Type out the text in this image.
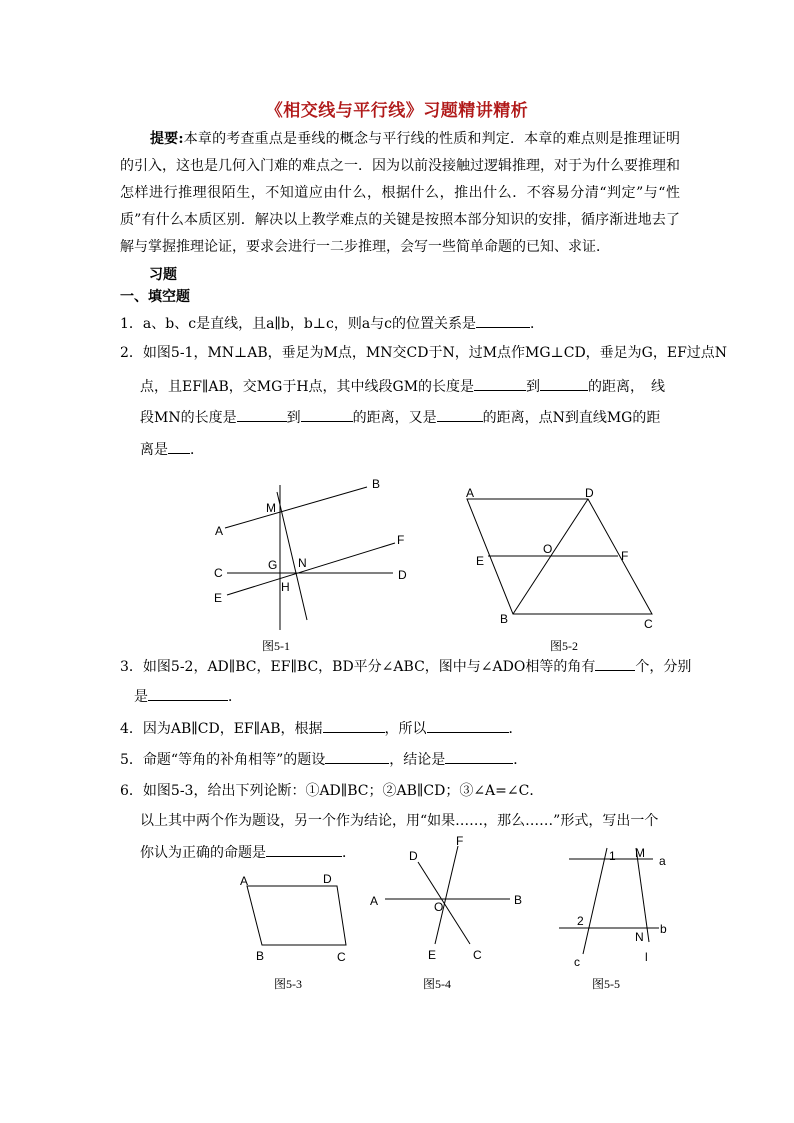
《相交线与平行线》习题精讲精析
提要:本章的考查重点是垂线的概念与平行线的性质和判定．本章的难点则是推理证明的引入，这也是几何入门难的难点之一．因为以前没接触过逻辑推理，对于为什么要推理和怎样进行推理很陌生，不知道应由什么，根据什么，推出什么．不容易分清“判定”与“性质”有什么本质区别．解决以上教学难点的关键是按照本部分知识的安排，循序渐进地去了解与掌握推理论证，要求会进行一二步推理，会写一些简单命题的已知、求证．
习题
一、填空题
1．a、b、c是直线，且a∥b，b⊥c，则a与c的位置关系是	．
2．如图5-1，MN⊥AB，垂足为M点，MN交CD于N，过M点作MG⊥CD，垂足为G，EF过点N
点，且EF∥AB，交MG于H点，其中线段GM的长度是	到	的距离，　线
段MN的长度是	到	的距离，又是	的距离，点N到直线MG的距
离是 ．
B
M
A
F
C
G N
D
E
H
图5-1
A	D
E
O	F
B	C
图5-2
3．如图5-2，AD∥BC，EF∥BC，BD平分∠ABC，图中与∠ADO相等的角有	个，分别
是	．
4．因为AB∥CD，EF∥AB，根据	，所以	．
5．命题“等角的补角相等”的题设	，结论是	．
6．如图5-3，给出下列论断：①AD∥BC；②AB∥CD；③∠A=∠C．
以上其中两个作为题设，另一个作为结论，用“如果……，那么……”形式，写出一个
你认为正确的命题是	．
A	D
B	C
图5-3
D
F
A	O	B
E	C
图5-4
1 M
a
2
b
N
c	l
图5-5
